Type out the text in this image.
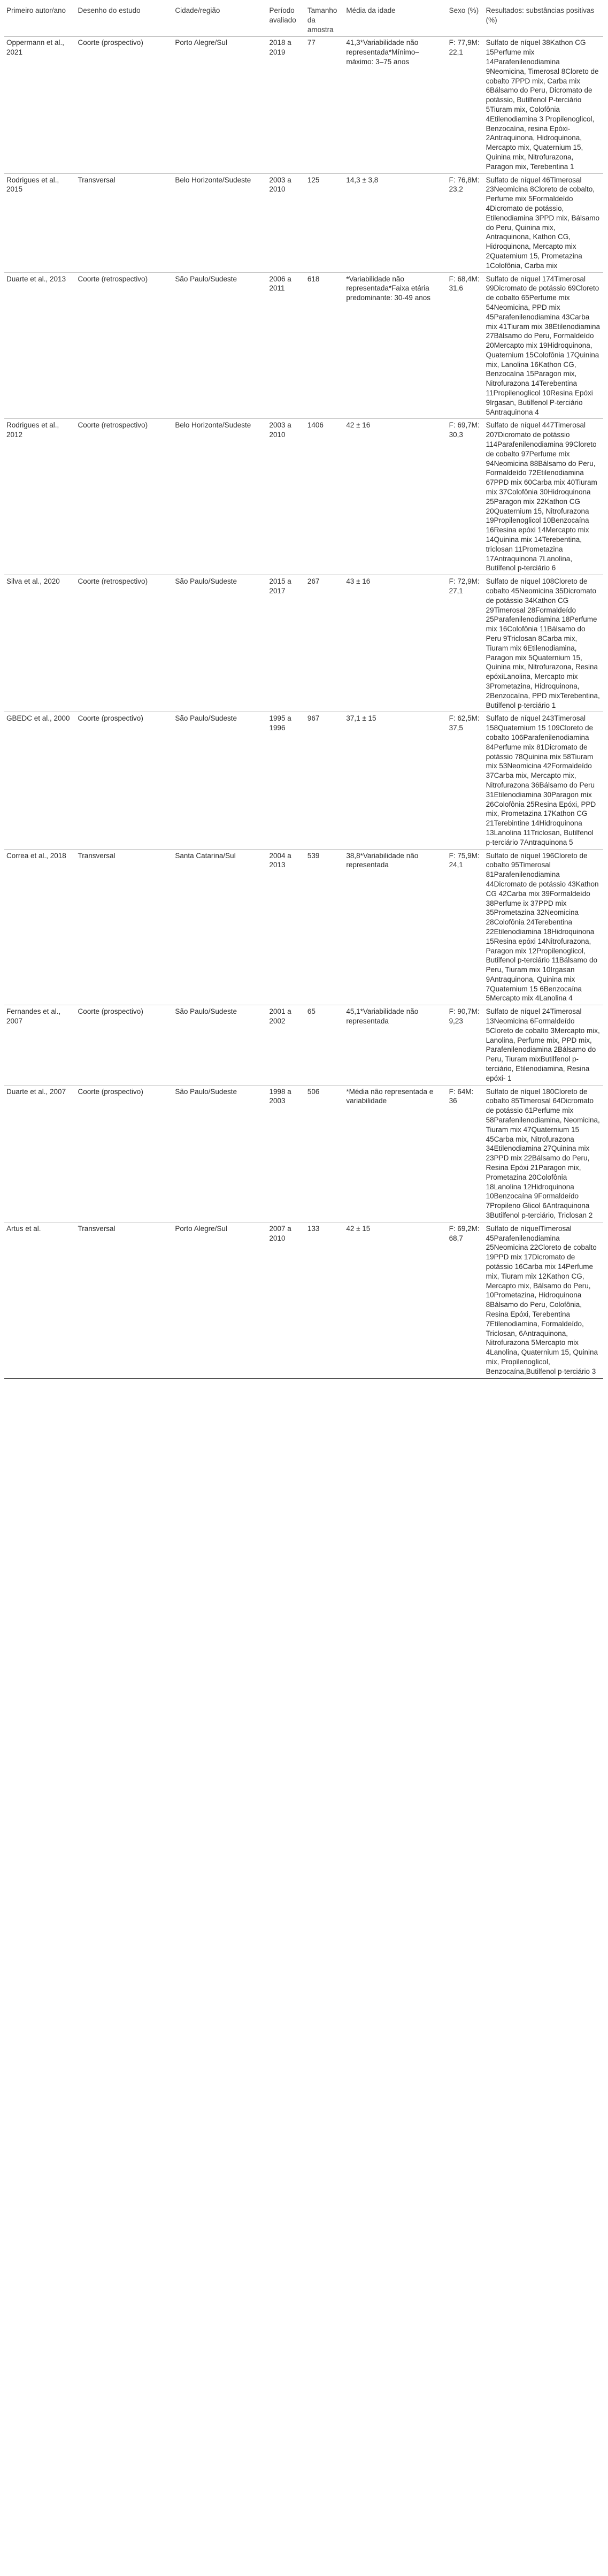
Primeiro autor/ano	Desenho do estudo	Cidade/região	Período avaliado	Tamanho da amostra	Média da idade	Sexo (%)	Resultados: substâncias positivas (%)
Oppermann et al., 2021	Coorte (prospectivo)	Porto Alegre/Sul	2018 a 2019	77	41,3*Variabilidade não representada*Mínimo–máximo: 3–75 anos	F: 77,9M: 22,1	Sulfato de níquel 38Kathon CG 15Perfume mix 14Parafenilenodiamina 9Neomicina, Timerosal 8Cloreto de cobalto 7PPD mix, Carba mix 6Bálsamo do Peru, Dicromato de potássio, Butilfenol P-terciário 5Tiuram mix, Colofônia 4Etilenodiamina 3 Propilenoglicol, Benzocaína, resina Epóxi- 2Antraquinona, Hidroquinona, Mercapto mix, Quaternium 15, Quinina mix, Nitrofurazona, Paragon mix, Terebentina 1
Rodrigues et al., 2015	Transversal	Belo Horizonte/Sudeste	2003 a 2010	125	14,3 ± 3,8	F: 76,8M: 23,2	Sulfato de níquel 46Timerosal 23Neomicina 8Cloreto de cobalto, Perfume mix 5Formaldeído 4Dicromato de potássio, Etilenodiamina 3PPD mix, Bálsamo do Peru, Quinina mix, Antraquinona, Kathon CG, Hidroquinona, Mercapto mix 2Quaternium 15, Prometazina 1Colofônia, Carba mix
Duarte et al., 2013	Coorte (retrospectivo)	São Paulo/Sudeste	2006 a 2011	618	*Variabilidade não representada*Faixa etária predominante: 30-49 anos	F: 68,4M: 31,6	Sulfato de níquel 174Timerosal 99Dicromato de potássio 69Cloreto de cobalto 65Perfume mix 54Neomicina, PPD mix 45Parafenilenodiamina 43Carba mix 41Tiuram mix 38Etilenodiamina 27Bálsamo do Peru, Formaldeído 20Mercapto mix 19Hidroquinona, Quaternium 15Colofônia 17Quinina mix, Lanolina 16Kathon CG, Benzocaína 15Paragon mix, Nitrofurazona 14Terebentina 11Propilenoglicol 10Resina Epóxi 9Irgasan, Butilfenol P-terciário 5Antraquinona 4
Rodrigues et al., 2012	Coorte (retrospectivo)	Belo Horizonte/Sudeste	2003 a 2010	1406	42 ± 16	F: 69,7M: 30,3	Sulfato de níquel 447Timerosal 207Dicromato de potássio 114Parafenilenodiamina 99Cloreto de cobalto 97Perfume mix 94Neomicina 88Bálsamo do Peru, Formaldeído 72Etilenodiamina 67PPD mix 60Carba mix 40Tiuram mix 37Colofônia 30Hidroquinona 25Paragon mix 22Kathon CG 20Quaternium 15, Nitrofurazona 19Propilenoglicol 10Benzocaína 16Resina epóxi 14Mercapto mix 14Quinina mix 14Terebentina, triclosan 11Prometazina 17Antraquinona 7Lanolina, Butilfenol p-terciário 6
Silva et al., 2020	Coorte (retrospectivo)	São Paulo/Sudeste	2015 a 2017	267	43 ± 16	F: 72,9M: 27,1	Sulfato de níquel 108Cloreto de cobalto 45Neomicina 35Dicromato de potássio 34Kathon CG 29Timerosal 28Formaldeído 25Parafenilenodiamina 18Perfume mix 16Colofônia 11Bálsamo do Peru 9Triclosan 8Carba mix, Tiuram mix 6Etilenodiamina, Paragon mix 5Quaternium 15, Quinina mix, Nitrofurazona, Resina epóxiLanolina, Mercapto mix 3Prometazina, Hidroquinona, 2Benzocaína, PPD mixTerebentina, Butilfenol p-terciário 1
GBEDC et al., 2000	Coorte (prospectivo)	São Paulo/Sudeste	1995 a 1996	967	37,1 ± 15	F: 62,5M: 37,5	Sulfato de níquel 243Timerosal 158Quaternium 15 109Cloreto de cobalto 106Parafenilenodiamina 84Perfume mix 81Dicromato de potássio 78Quinina mix 58Tiuram mix 53Neomicina 42Formaldeído 37Carba mix, Mercapto mix, Nitrofurazona 36Bálsamo do Peru 31Etilenodiamina 30Paragon mix 26Colofônia 25Resina Epóxi, PPD mix, Prometazina 17Kathon CG 21Terebintine 14Hidroquinona 13Lanolina 11Triclosan, Butilfenol p-terciário 7Antraquinona 5
Correa et al., 2018	Transversal	Santa Catarina/Sul	2004 a 2013	539	38,8*Variabilidade não representada	F: 75,9M: 24,1	Sulfato de níquel 196Cloreto de cobalto 95Timerosal 81Parafenilenodiamina 44Dicromato de potássio 43Kathon CG 42Carba mix 39Formaldeído 38Perfume ix 37PPD mix 35Prometazina 32Neomicina 28Colofônia 24Terebentina 22Etilenodiamina 18Hidroquinona 15Resina epóxi 14Nitrofurazona, Paragon mix 12Propilenoglicol, Butilfenol p-terciário 11Bálsamo do Peru, Tiuram mix 10Irgasan 9Antraquinona, Quinina mix 7Quaternium 15 6Benzocaína 5Mercapto mix 4Lanolina 4
Fernandes et al., 2007	Coorte (prospectivo)	São Paulo/Sudeste	2001 a 2002	65	45,1*Variabilidade não representada	F: 90,7M: 9,23	Sulfato de níquel 24Timerosal 13Neomicina 6Formaldeído 5Cloreto de cobalto 3Mercapto mix, Lanolina, Perfume mix, PPD mix, Parafenilenodiamina 2Bálsamo do Peru, Tiuram mixButilfenol p-terciário, Etilenodiamina, Resina epóxi- 1
Duarte et al., 2007	Coorte (prospectivo)	São Paulo/Sudeste	1998 a 2003	506	*Média não representada e variabilidade	F: 64M: 36	Sulfato de níquel 180Cloreto de cobalto 85Timerosal 64Dicromato de potássio 61Perfume mix 58Parafenilenodiamina, Neomicina, Tiuram mix 47Quaternium 15 45Carba mix, Nitrofurazona 34Etilenodiamina 27Quinina mix 23PPD mix 22Bálsamo do Peru, Resina Epóxi 21Paragon mix, Prometazina 20Colofônia 18Lanolina 12Hidroquinona 10Benzocaína 9Formaldeído 7Propileno Glicol 6Antraquinona 3Butilfenol p-terciário, Triclosan 2
Artus et al.	Transversal	Porto Alegre/Sul	2007 a 2010	133	42 ± 15	F: 69,2M: 68,7	Sulfato de níquelTimerosal 45Parafenilenodiamina 25Neomicina 22Cloreto de cobalto 19PPD mix 17Dicromato de potássio 16Carba mix 14Perfume mix, Tiuram mix 12Kathon CG, Mercapto mix, Bálsamo do Peru, 10Prometazina, Hidroquinona 8Bálsamo do Peru, Colofônia, Resina Epóxi, Terebentina 7Etilenodiamina, Formaldeído, Triclosan, 6Antraquinona, Nitrofurazona 5Mercapto mix 4Lanolina, Quaternium 15, Quinina mix, Propilenoglicol, Benzocaína,Butilfenol p-terciário 3
